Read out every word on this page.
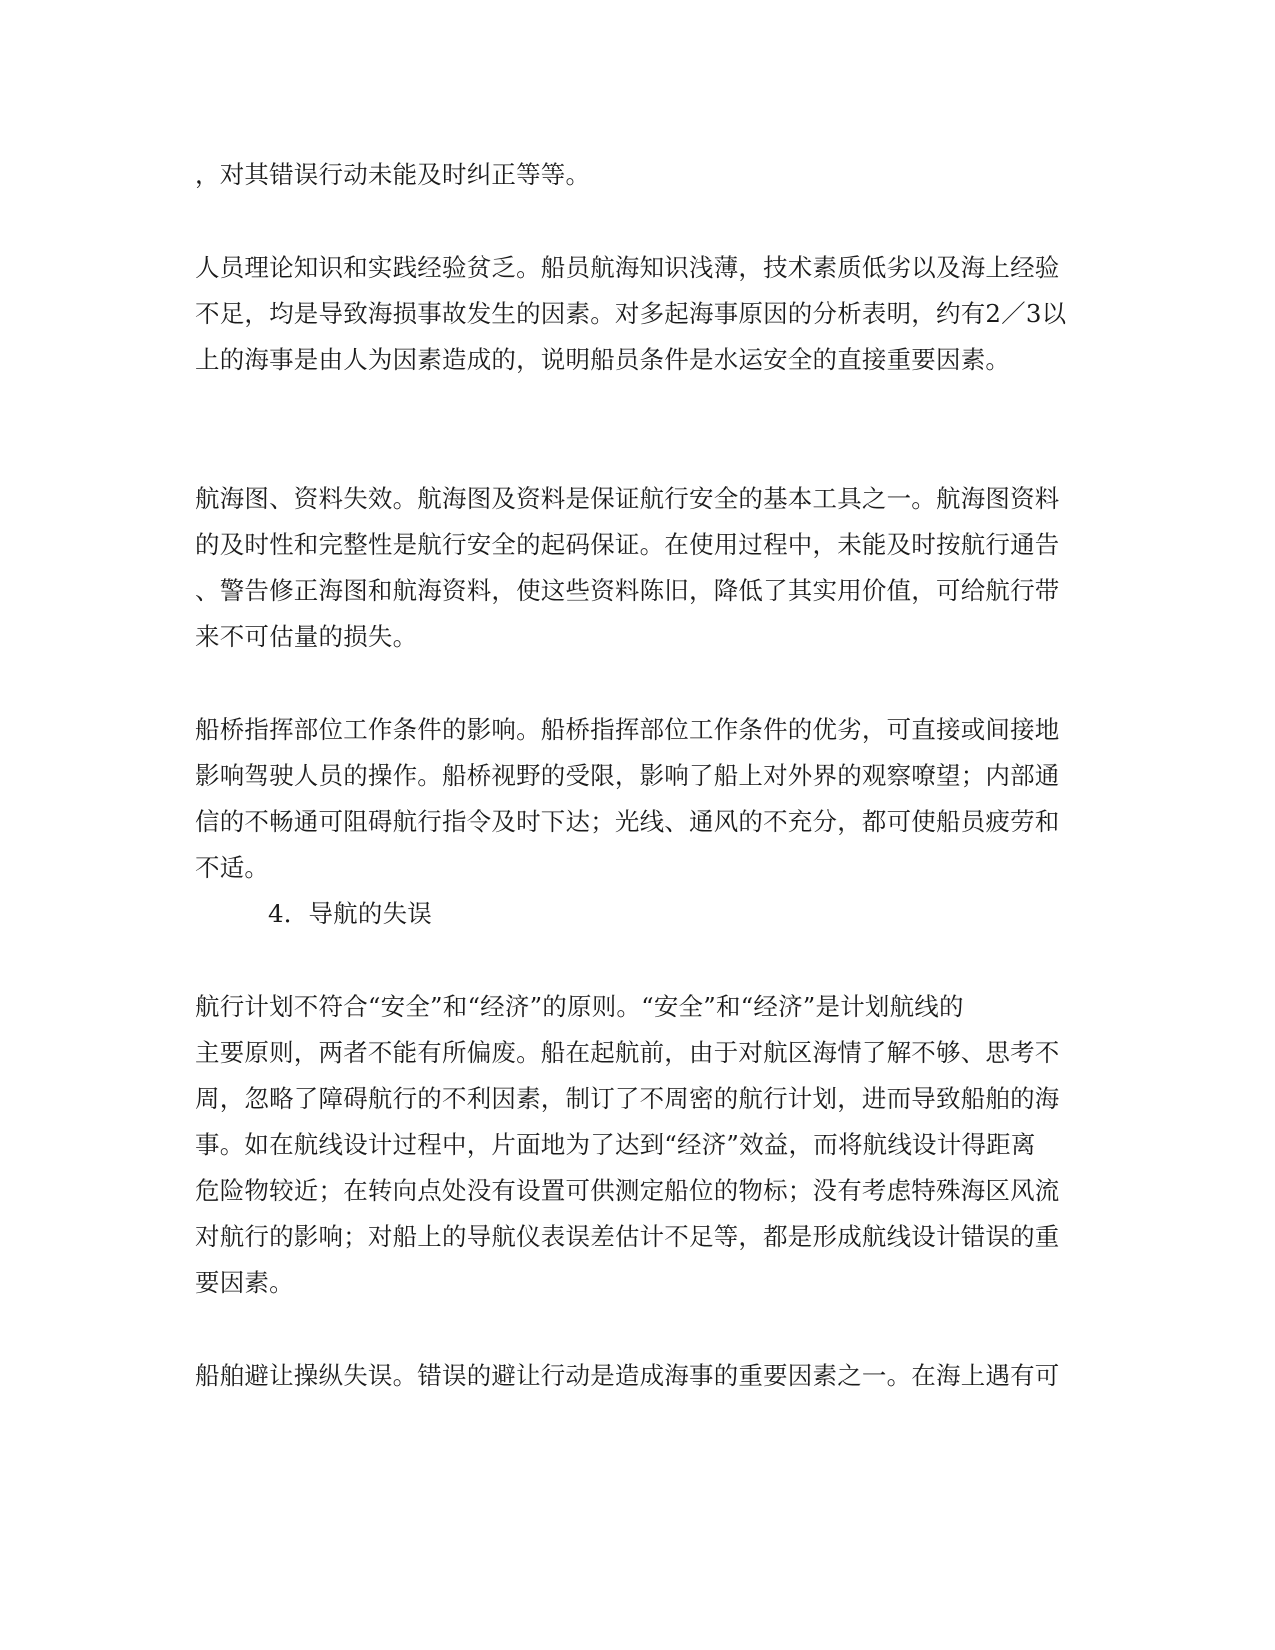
，对其错误行动未能及时纠正等等。
人员理论知识和实践经验贫乏。船员航海知识浅薄，技术素质低劣以及海上经验
不足，均是导致海损事故发生的因素。对多起海事原因的分析表明，约有2／3以
上的海事是由人为因素造成的，说明船员条件是水运安全的直接重要因素。
航海图、资料失效。航海图及资料是保证航行安全的基本工具之一。航海图资料
的及时性和完整性是航行安全的起码保证。在使用过程中，未能及时按航行通告
、警告修正海图和航海资料，使这些资料陈旧，降低了其实用价值，可给航行带
来不可估量的损失。
船桥指挥部位工作条件的影响。船桥指挥部位工作条件的优劣，可直接或间接地
影响驾驶人员的操作。船桥视野的受限，影响了船上对外界的观察嘹望；内部通
信的不畅通可阻碍航行指令及时下达；光线、通风的不充分，都可使船员疲劳和
不适。
4．导航的失误
航行计划不符合“安全”和“经济”的原则。“安全”和“经济”是计划航线的
主要原则，两者不能有所偏废。船在起航前，由于对航区海情了解不够、思考不
周，忽略了障碍航行的不利因素，制订了不周密的航行计划，进而导致船舶的海
事。如在航线设计过程中，片面地为了达到“经济”效益，而将航线设计得距离
危险物较近；在转向点处没有设置可供测定船位的物标；没有考虑特殊海区风流
对航行的影响；对船上的导航仪表误差估计不足等，都是形成航线设计错误的重
要因素。
船舶避让操纵失误。错误的避让行动是造成海事的重要因素之一。在海上遇有可
